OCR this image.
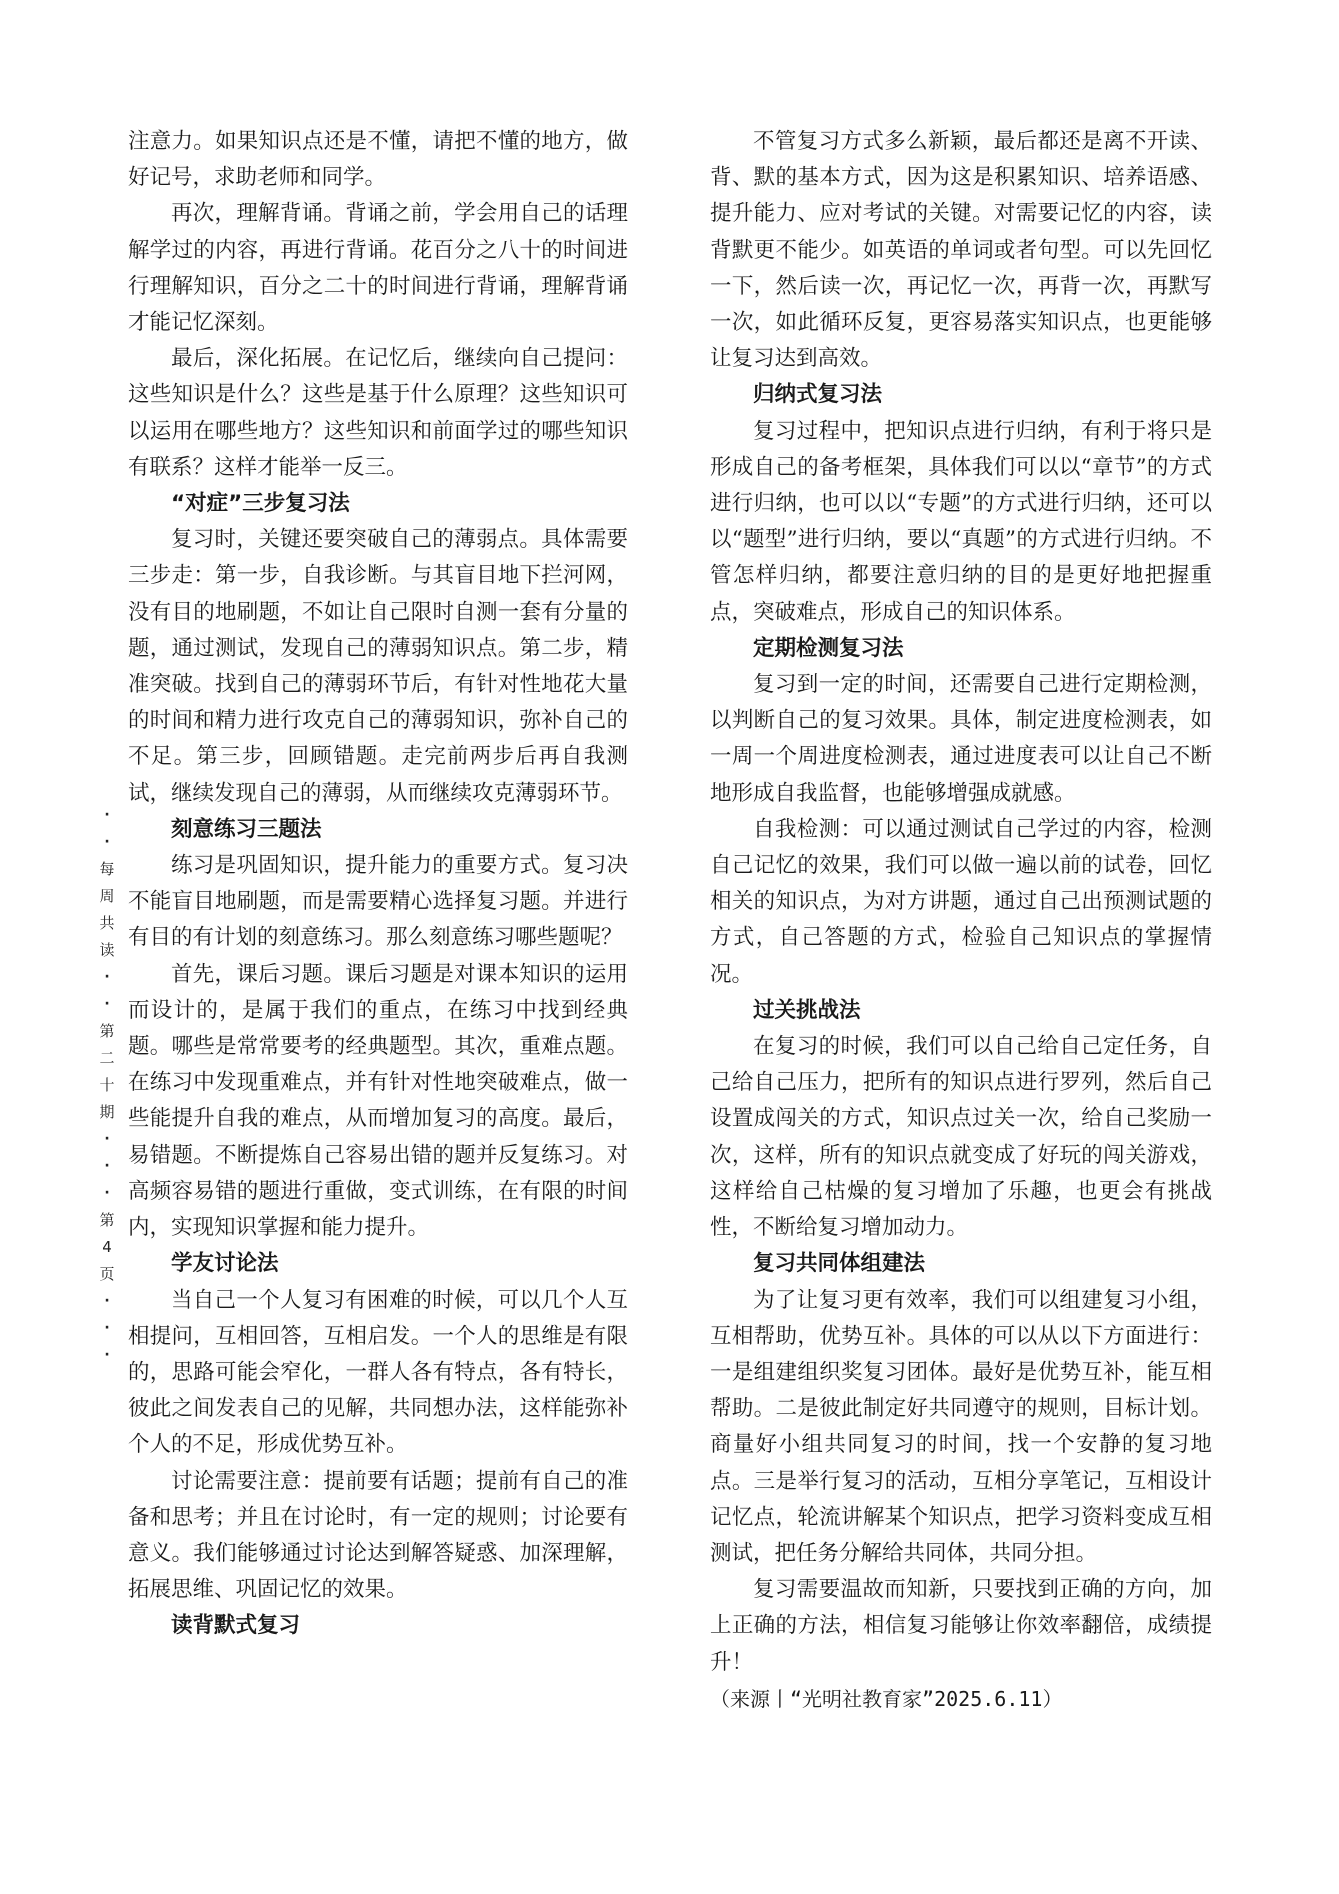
注意力。如果知识点还是不懂，请把不懂的地方，做好记号，求助老师和同学。

再次，理解背诵。背诵之前，学会用自己的话理解学过的内容，再进行背诵。花百分之八十的时间进行理解知识，百分之二十的时间进行背诵，理解背诵才能记忆深刻。

最后，深化拓展。在记忆后，继续向自己提问：这些知识是什么？这些是基于什么原理？这些知识可以运用在哪些地方？这些知识和前面学过的哪些知识有联系？这样才能举一反三。

“对症”三步复习法

复习时，关键还要突破自己的薄弱点。具体需要三步走：第一步，自我诊断。与其盲目地下拦河网，没有目的地刷题，不如让自己限时自测一套有分量的题，通过测试，发现自己的薄弱知识点。第二步，精准突破。找到自己的薄弱环节后，有针对性地花大量的时间和精力进行攻克自己的薄弱知识，弥补自己的不足。第三步，回顾错题。走完前两步后再自我测试，继续发现自己的薄弱，从而继续攻克薄弱环节。

刻意练习三题法

练习是巩固知识，提升能力的重要方式。复习决不能盲目地刷题，而是需要精心选择复习题。并进行有目的有计划的刻意练习。那么刻意练习哪些题呢？

首先，课后习题。课后习题是对课本知识的运用而设计的，是属于我们的重点，在练习中找到经典题。哪些是常常要考的经典题型。其次，重难点题。在练习中发现重难点，并有针对性地突破难点，做一些能提升自我的难点，从而增加复习的高度。最后，易错题。不断提炼自己容易出错的题并反复练习。对高频容易错的题进行重做，变式训练，在有限的时间内，实现知识掌握和能力提升。

学友讨论法

当自己一个人复习有困难的时候，可以几个人互相提问，互相回答，互相启发。一个人的思维是有限的，思路可能会窄化，一群人各有特点，各有特长，彼此之间发表自己的见解，共同想办法，这样能弥补个人的不足，形成优势互补。

讨论需要注意：提前要有话题；提前有自己的准备和思考；并且在讨论时，有一定的规则；讨论要有意义。我们能够通过讨论达到解答疑惑、加深理解，拓展思维、巩固记忆的效果。

读背默式复习

不管复习方式多么新颖，最后都还是离不开读、背、默的基本方式，因为这是积累知识、培养语感、提升能力、应对考试的关键。对需要记忆的内容，读背默更不能少。如英语的单词或者句型。可以先回忆一下，然后读一次，再记忆一次，再背一次，再默写一次，如此循环反复，更容易落实知识点，也更能够让复习达到高效。

归纳式复习法

复习过程中，把知识点进行归纳，有利于将只是形成自己的备考框架，具体我们可以以“章节”的方式进行归纳，也可以以“专题”的方式进行归纳，还可以以“题型”进行归纳，要以“真题”的方式进行归纳。不管怎样归纳，都要注意归纳的目的是更好地把握重点，突破难点，形成自己的知识体系。

定期检测复习法

复习到一定的时间，还需要自己进行定期检测，以判断自己的复习效果。具体，制定进度检测表，如一周一个周进度检测表，通过进度表可以让自己不断地形成自我监督，也能够增强成就感。

自我检测：可以通过测试自己学过的内容，检测自己记忆的效果，我们可以做一遍以前的试卷，回忆相关的知识点，为对方讲题，通过自己出预测试题的方式，自己答题的方式，检验自己知识点的掌握情况。

过关挑战法

在复习的时候，我们可以自己给自己定任务，自己给自己压力，把所有的知识点进行罗列，然后自己设置成闯关的方式，知识点过关一次，给自己奖励一次，这样，所有的知识点就变成了好玩的闯关游戏，这样给自己枯燥的复习增加了乐趣，也更会有挑战性，不断给复习增加动力。

复习共同体组建法

为了让复习更有效率，我们可以组建复习小组，互相帮助，优势互补。具体的可以从以下方面进行：一是组建组织奖复习团体。最好是优势互补，能互相帮助。二是彼此制定好共同遵守的规则，目标计划。商量好小组共同复习的时间，找一个安静的复习地点。三是举行复习的活动，互相分享笔记，互相设计记忆点，轮流讲解某个知识点，把学习资料变成互相测试，把任务分解给共同体，共同分担。

复习需要温故而知新，只要找到正确的方向，加上正确的方法，相信复习能够让你效率翻倍，成绩提升！

（来源丨“光明社教育家”2025.6.11）

·
·
每
周
共
读
·
·
第
二
十
期
·
·
·
第
4
页
·
·
·
